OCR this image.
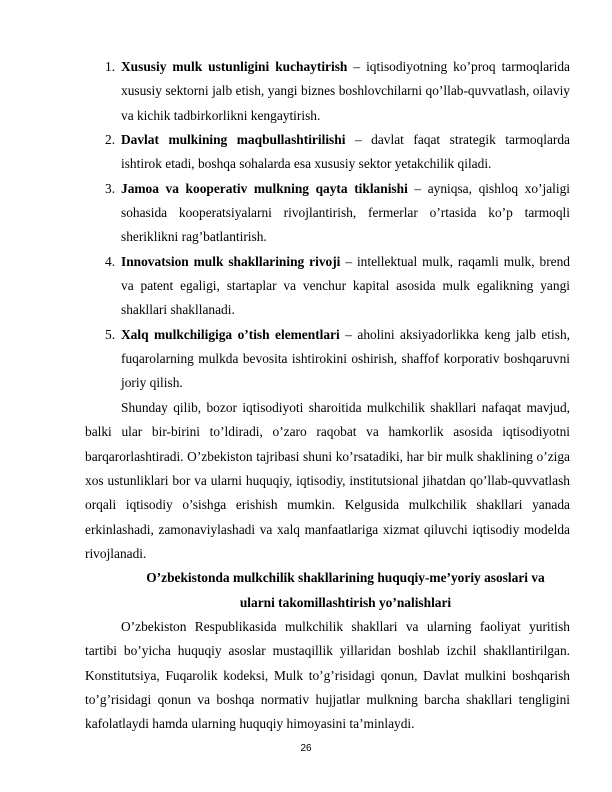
1. Xususiy mulk ustunligini kuchaytirish – iqtisodiyotning ko’proq tarmoqlarida xususiy sektorni jalb etish, yangi biznes boshlovchilarni qo’llab-quvvatlash, oilaviy va kichik tadbirkorlikni kengaytirish.
2. Davlat mulkining maqbullashtirilishi – davlat faqat strategik tarmoqlarda ishtirok etadi, boshqa sohalarda esa xususiy sektor yetakchilik qiladi.
3. Jamoa va kooperativ mulkning qayta tiklanishi – ayniqsa, qishloq xo’jaligi sohasida kooperatsiyalarni rivojlantirish, fermerlar o’rtasida ko’p tarmoqli sheriklikni rag’batlantirish.
4. Innovatsion mulk shakllarining rivoji – intellektual mulk, raqamli mulk, brend va patent egaligi, startaplar va venchur kapital asosida mulk egalikning yangi shakllari shakllanadi.
5. Xalq mulkchiligiga o’tish elementlari – aholini aksiyadorlikka keng jalb etish, fuqarolarning mulkda bevosita ishtirokini oshirish, shaffof korporativ boshqaruvni joriy qilish.

Shunday qilib, bozor iqtisodiyoti sharoitida mulkchilik shakllari nafaqat mavjud, balki ular bir-birini to’ldiradi, o’zaro raqobat va hamkorlik asosida iqtisodiyotni barqarorlashtiradi. O’zbekiston tajribasi shuni ko’rsatadiki, har bir mulk shaklining o’ziga xos ustunliklari bor va ularni huquqiy, iqtisodiy, institutsional jihatdan qo’llab-quvvatlash orqali iqtisodiy o’sishga erishish mumkin. Kelgusida mulkchilik shakllari yanada erkinlashadi, zamonaviylashadi va xalq manfaatlariga xizmat qiluvchi iqtisodiy modelda rivojlanadi.

O’zbekistonda mulkchilik shakllarining huquqiy-me’yoriy asoslari va
ularni takomillashtirish yo’nalishlari

O’zbekiston Respublikasida mulkchilik shakllari va ularning faoliyat yuritish tartibi bo’yicha huquqiy asoslar mustaqillik yillaridan boshlab izchil shakllantirilgan. Konstitutsiya, Fuqarolik kodeksi, Mulk to’g’risidagi qonun, Davlat mulkini boshqarish to’g’risidagi qonun va boshqa normativ hujjatlar mulkning barcha shakllari tengligini kafolatlaydi hamda ularning huquqiy himoyasini ta’minlaydi.

26
